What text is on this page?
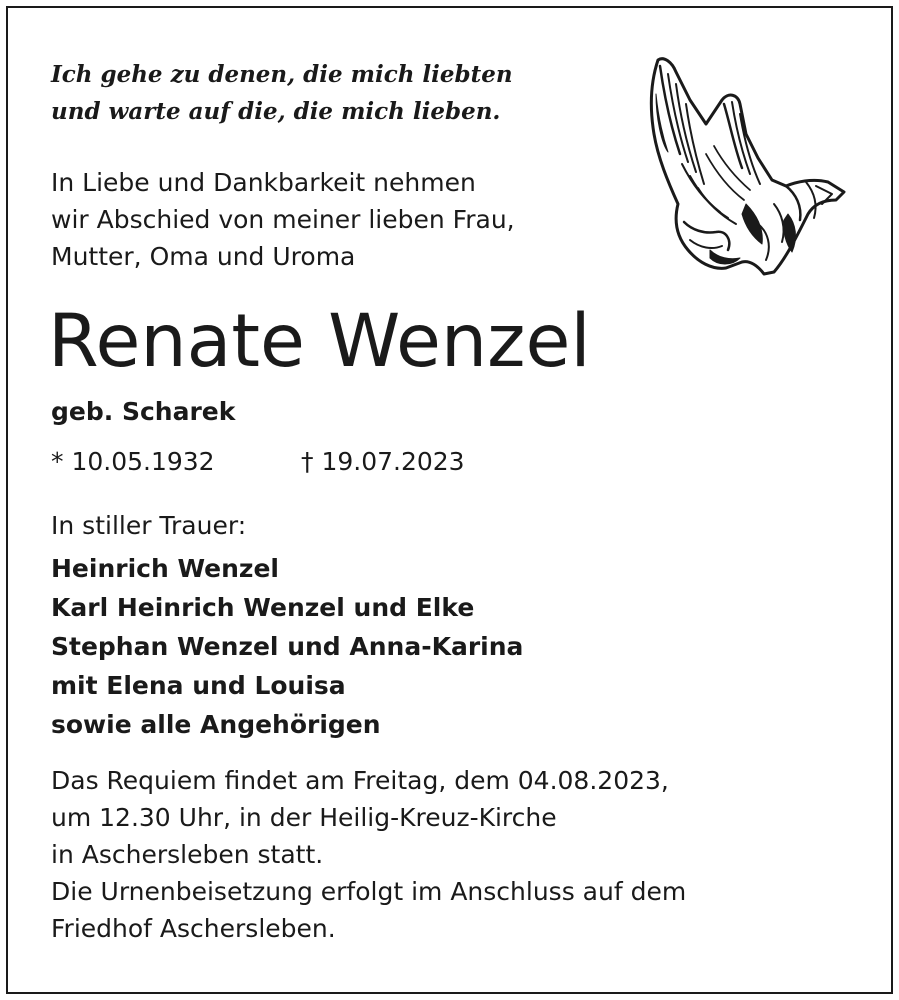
Ich gehe zu denen, die mich liebten
und warte auf die, die mich lieben.
In Liebe und Dankbarkeit nehmen
wir Abschied von meiner lieben Frau,
Mutter, Oma und Uroma
Renate Wenzel
geb. Scharek
* 10.05.1932	† 19.07.2023
In stiller Trauer:
Heinrich Wenzel
Karl Heinrich Wenzel und Elke
Stephan Wenzel und Anna-Karina
mit Elena und Louisa
sowie alle Angehörigen
Das Requiem findet am Freitag, dem 04.08.2023,
um 12.30 Uhr, in der Heilig-Kreuz-Kirche
in Aschersleben statt.
Die Urnenbeisetzung erfolgt im Anschluss auf dem
Friedhof Aschersleben.
